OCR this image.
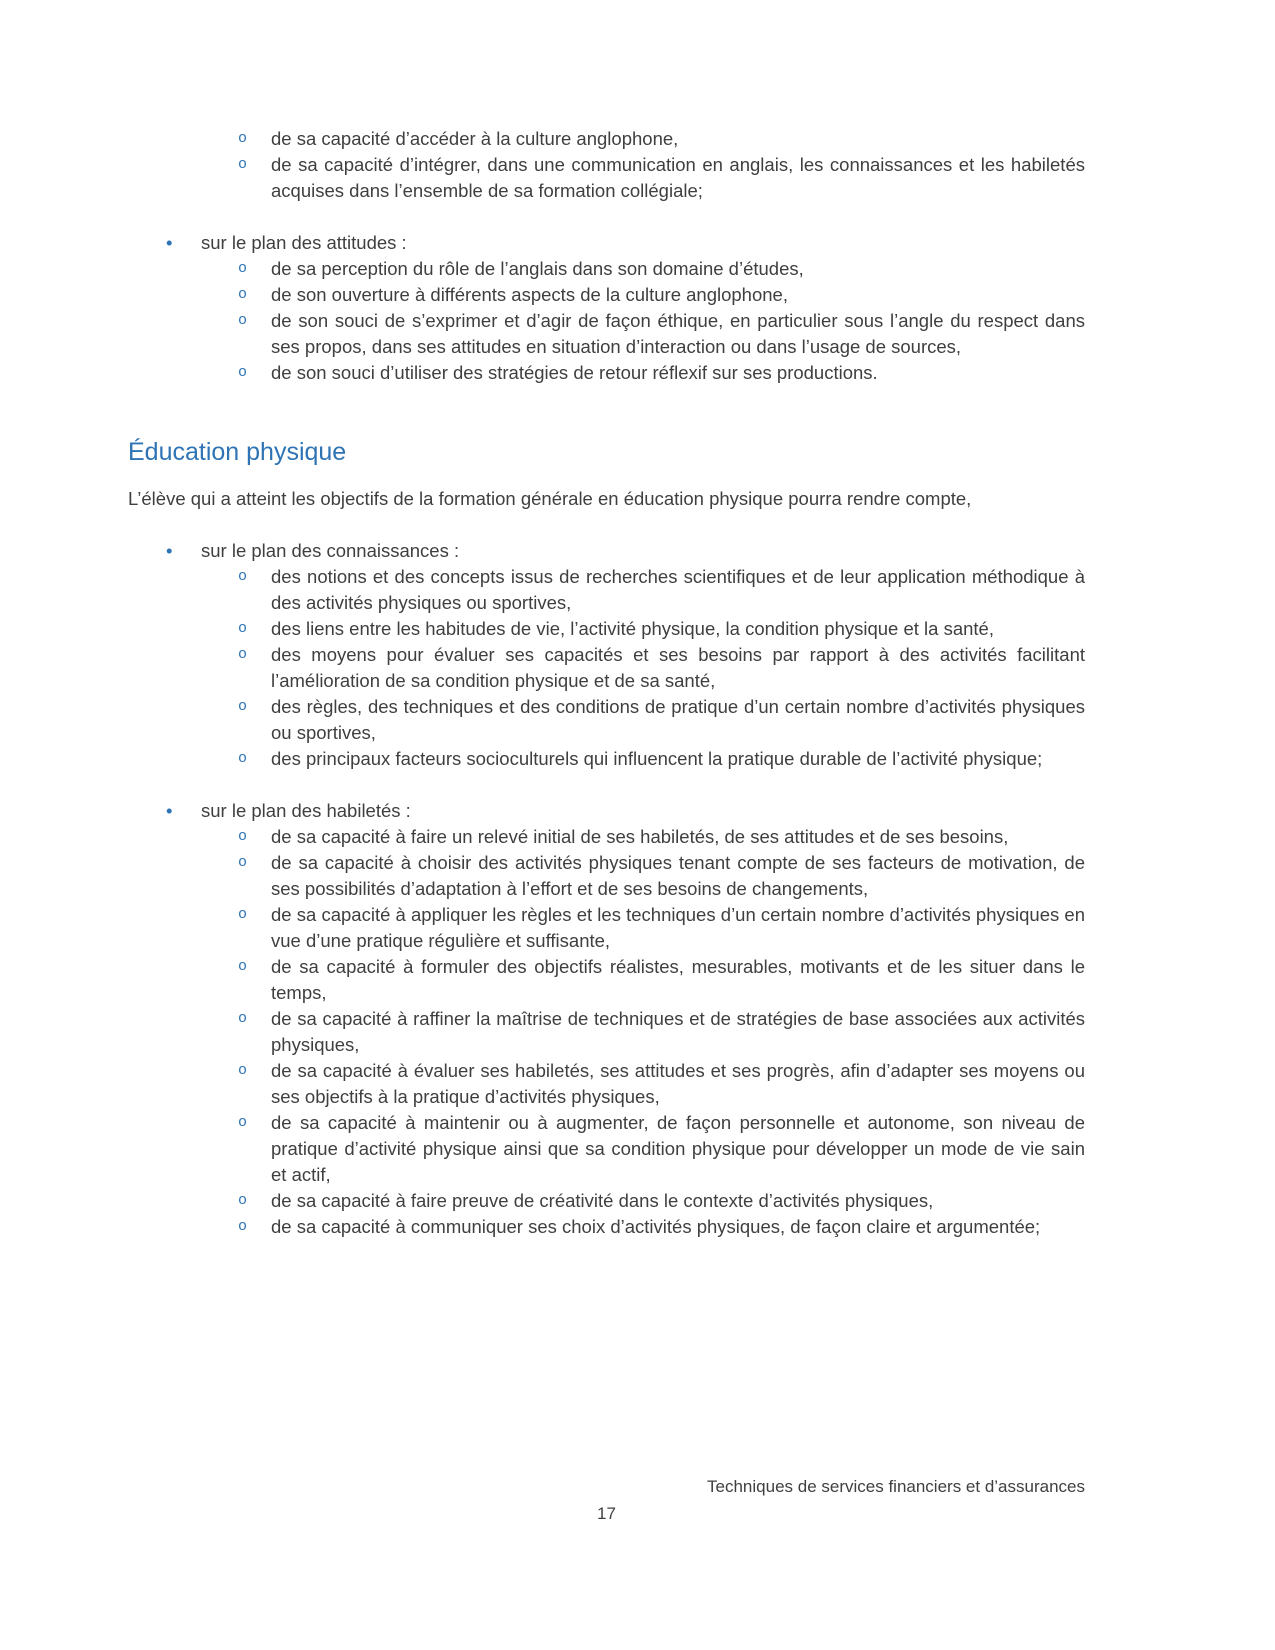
o de sa capacité d’accéder à la culture anglophone,
o de sa capacité d’intégrer, dans une communication en anglais, les connaissances et les habiletés acquises dans l’ensemble de sa formation collégiale;
• sur le plan des attitudes :
o de sa perception du rôle de l’anglais dans son domaine d’études,
o de son ouverture à différents aspects de la culture anglophone,
o de son souci de s’exprimer et d’agir de façon éthique, en particulier sous l’angle du respect dans ses propos, dans ses attitudes en situation d’interaction ou dans l’usage de sources,
o de son souci d’utiliser des stratégies de retour réflexif sur ses productions.
Éducation physique

L’élève qui a atteint les objectifs de la formation générale en éducation physique pourra rendre compte,

• sur le plan des connaissances :
o des notions et des concepts issus de recherches scientifiques et de leur application méthodique à des activités physiques ou sportives,
o des liens entre les habitudes de vie, l’activité physique, la condition physique et la santé,
o des moyens pour évaluer ses capacités et ses besoins par rapport à des activités facilitant l’amélioration de sa condition physique et de sa santé,
o des règles, des techniques et des conditions de pratique d’un certain nombre d’activités physiques ou sportives,
o des principaux facteurs socioculturels qui influencent la pratique durable de l’activité physique;
• sur le plan des habiletés :
o de sa capacité à faire un relevé initial de ses habiletés, de ses attitudes et de ses besoins,
o de sa capacité à choisir des activités physiques tenant compte de ses facteurs de motivation, de ses possibilités d’adaptation à l’effort et de ses besoins de changements,
o de sa capacité à appliquer les règles et les techniques d’un certain nombre d’activités physiques en vue d’une pratique régulière et suffisante,
o de sa capacité à formuler des objectifs réalistes, mesurables, motivants et de les situer dans le temps,
o de sa capacité à raffiner la maîtrise de techniques et de stratégies de base associées aux activités physiques,
o de sa capacité à évaluer ses habiletés, ses attitudes et ses progrès, afin d’adapter ses moyens ou ses objectifs à la pratique d’activités physiques,
o de sa capacité à maintenir ou à augmenter, de façon personnelle et autonome, son niveau de pratique d’activité physique ainsi que sa condition physique pour développer un mode de vie sain et actif,
o de sa capacité à faire preuve de créativité dans le contexte d’activités physiques,
o de sa capacité à communiquer ses choix d’activités physiques, de façon claire et argumentée;
Techniques de services financiers et d’assurances
17
